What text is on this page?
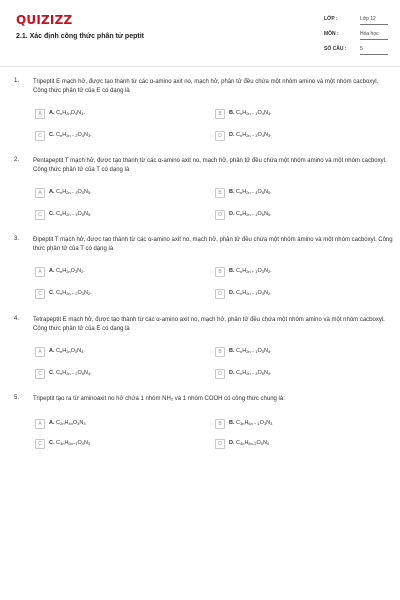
QUIZIZZ
2.1. Xác định công thức phân tử peptit
LỚP :	Lớp 12
MÔN :	Hóa học
SỐ CÂU :	5
1. Tripeptit E mạch hở, được tạo thành từ các α-amino axit no, mạch hở, phân tử đều chứa một nhóm amino và một nhóm cacboxyl. Công thức phân tử của E có dạng là
A	A. $C_nH_{2n}O_4N_3$.	B	B. $C_nH_{2n - 1}O_4N_3$.
C	C. $C_nH_{2n - 2}O_4N_3$.	D	D. $C_nH_{2n - 3}O_4N_3$.
2. Pentapeptit T mạch hở, được tạo thành từ các α-amino axit no, mạch hở, phân tử đều chứa một nhóm amino và một nhóm cacboxyl. Công thức phân tử của T có dạng là
A	A. $C_nH_{2n - 3}O_4N_5$.	B	B. $C_nH_{2n - 4}O_6N_5$.
C	C. $C_nH_{2n - 3}O_6N_5$.	D	D. $C_nH_{2n - 1}O_6N_5$.
3. Đipeptit T mạch hở, được tạo thành từ các α-amino axit no, mạch hở, phân tử đều chứa một nhóm amino và một nhóm cacboxyl. Công thức phân tử của T có dạng là
A	A. $C_nH_{2n}O_3N_2$.	B	B. $C_nH_{2n + 1}O_3N_2$.
C	C. $C_nH_{2n + 2}O_3N_2$.	D	D. $C_nH_{2n - 1}O_3N_2$.
4. Tetrapeptit E mạch hở, được tạo thành từ các α-amino axit no, mạch hở, phân tử đều chứa một nhóm amino và một nhóm cacboxyl. Công thức phân tử của E có dạng là
A	A. $C_nH_{2n}O_5N_4$.	B	B. $C_nH_{2n - 1}O_5N_4$.
C	C. $C_nH_{2n - 2}O_5N_4$.	D	D. $C_nH_{2n - 3}O_5N_4$.
5. Tripeptit tạo ra từ aminoaxit no hở chứa 1 nhóm NH₂ và 1 nhóm COOH có công thức chung là:
A	A. $C_{2n}H_{4n}O_3N_3$	B	B. $C_{3n}H_{6n - 1}O_3N_3$
C	C. $C_{3n}H_{6n+1}O_4N_3$	D	D. $C_{4n}H_{8n-2}O_5N_4$
